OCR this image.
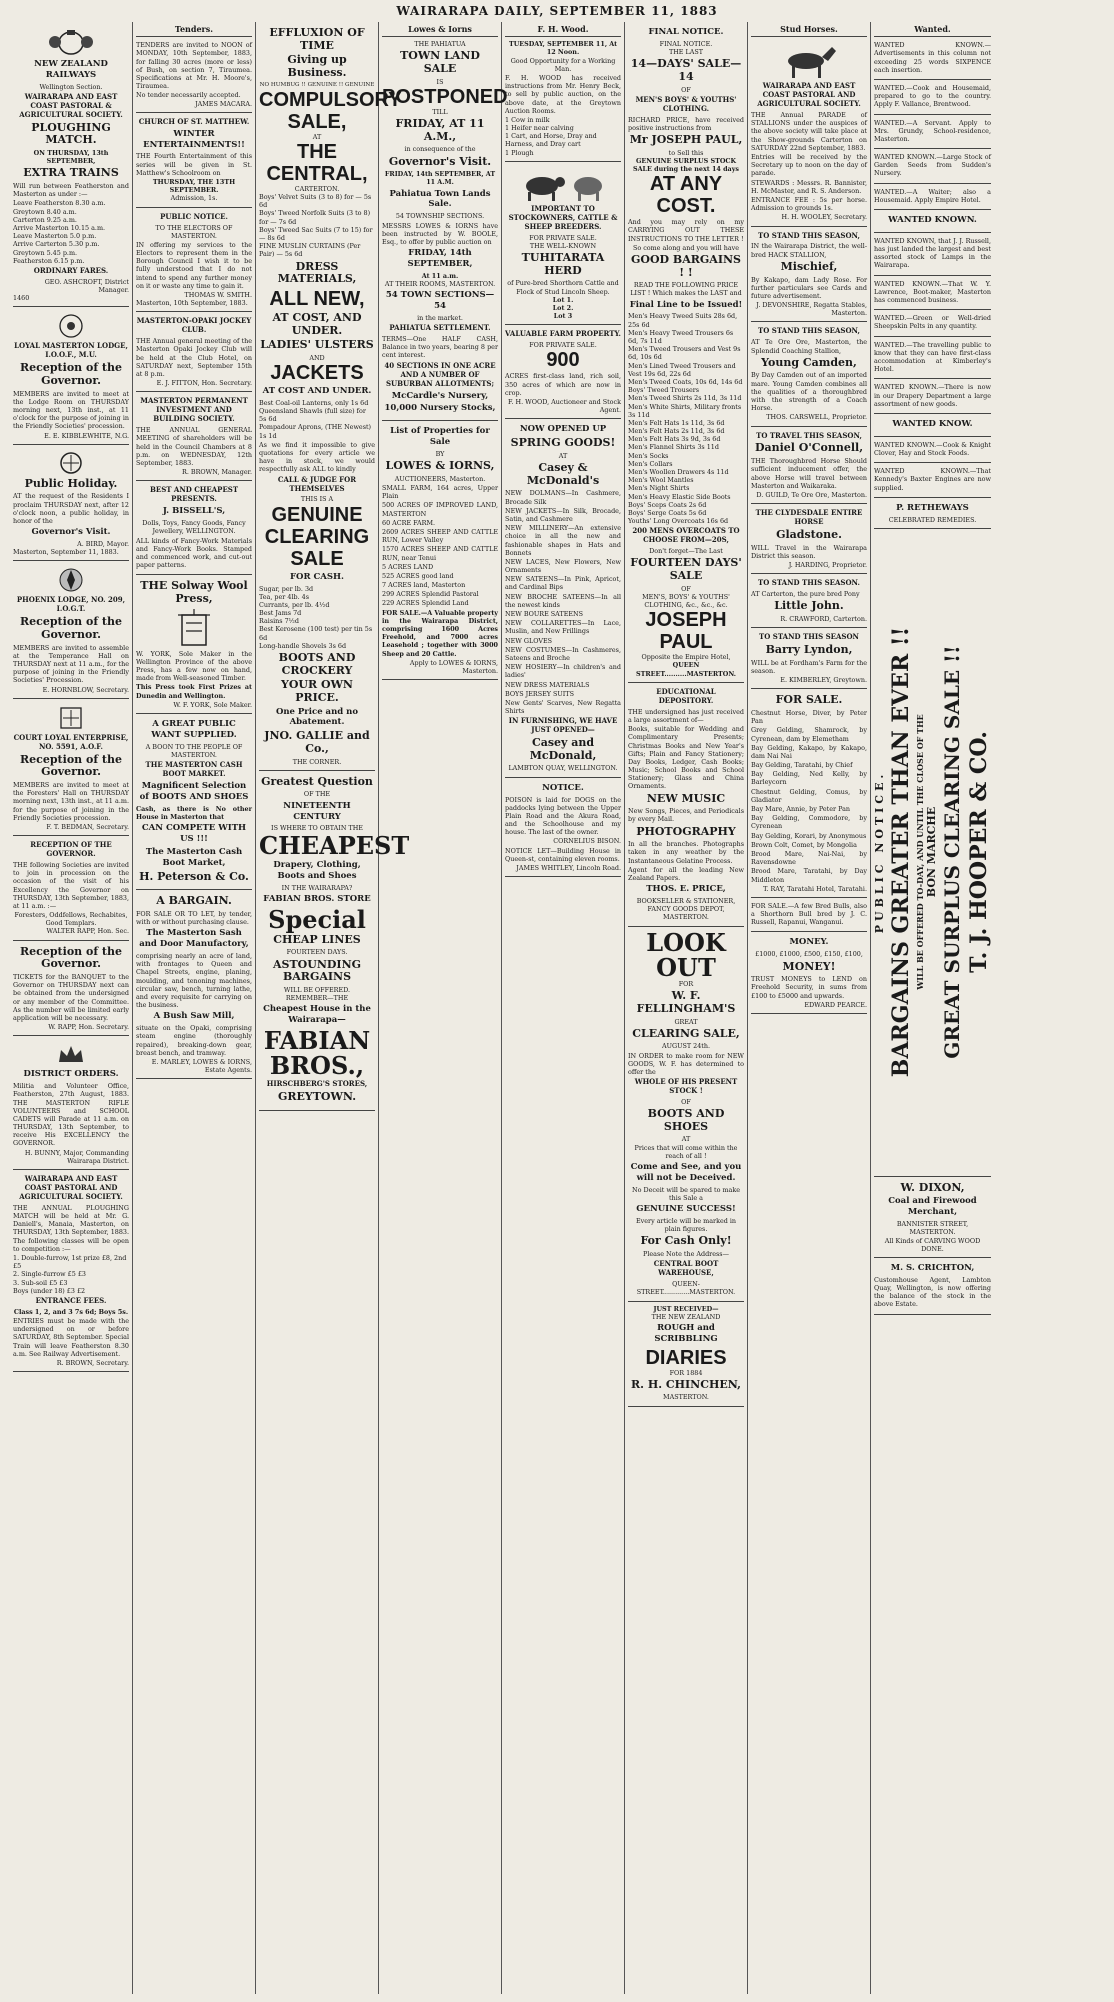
WAIRARAPA DAILY, SEPTEMBER 11, 1883
NEW ZEALAND RAILWAYS
Wellington Section.
WAIRARAPA AND EAST COAST PASTORAL & AGRICULTURAL SOCIETY.
PLOUGHING MATCH.
ON THURSDAY, 13th SEPTEMBER,
EXTRA TRAINS

Will run between Featherston and Masterton as under :—

Leave Featherston 8.30 a.m.
Greytown 8.40 a.m.
Carterton 9.25 a.m.
Arrive Masterton 10.15 a.m.
Leave Masterton 5.0 p.m.
Arrive Carterton 5.30 p.m.
Greytown 5.45 p.m.
Featherston 6.15 p.m.
ORDINARY FARES.
GEO. ASHCROFT, District Manager.
1460
LOYAL MASTERTON LODGE, I.O.O.F., M.U.
Reception of the Governor.

MEMBERS are invited to meet at the Lodge Room on THURSDAY morning next, 13th inst., at 11 o'clock for the purpose of joining in the Friendly Societies' procession.

E. E. KIBBLEWHITE, N.G.
Public Holiday.

AT the request of the Residents I proclaim THURSDAY next, after 12 o'clock noon, a public holiday, in honor of the

Governor's Visit.
A. BIRD, Mayor.
Masterton, September 11, 1883.
PHOENIX LODGE, NO. 209, I.O.G.T.
Reception of the Governor.

MEMBERS are invited to assemble at the Temperance Hall on THURSDAY next at 11 a.m., for the purpose of joining in the Friendly Societies' Procession.

E. HORNBLOW, Secretary.
COURT LOYAL ENTERPRISE, NO. 5591, A.O.F.
Reception of the Governor.

MEMBERS are invited to meet at the Foresters' Hall on THURSDAY morning next, 13th inst., at 11 a.m. for the purpose of joining in the Friendly Societies procession.

F. T. BEDMAN, Secretary.
RECEPTION OF THE GOVERNOR.

THE following Societies are invited to join in procession on the occasion of the visit of his Excellency the Governor on THURSDAY, 13th September, 1883, at 11 a.m. :—

Foresters, Oddfellows, Rechabites, Good Templars.
WALTER RAPP, Hon. Sec.
Reception of the Governor.

TICKETS for the BANQUET to the Governor on THURSDAY next can be obtained from the undersigned or any member of the Committee. As the number will be limited early application will be necessary.

W. RAPP, Hon. Secretary.
DISTRICT ORDERS.

Militia and Volunteer Office, Featherston, 27th August, 1883. THE MASTERTON RIFLE VOLUNTEERS and SCHOOL CADETS will Parade at 11 a.m. on THURSDAY, 13th September, to receive His EXCELLENCY the GOVERNOR.

H. BUNNY, Major, Commanding Wairarapa District.
WAIRARAPA AND EAST COAST PASTORAL AND AGRICULTURAL SOCIETY.

THE ANNUAL PLOUGHING MATCH will be held at Mr. G. Daniell's, Manaia, Masterton, on THURSDAY, 13th September, 1883. The following classes will be open to competition :—

1. Double-furrow, 1st prize £8, 2nd £5
2. Single-furrow £5 £3
3. Sub-soil £5 £3
Boys (under 18) £3 £2
ENTRANCE FEES.
Class 1, 2, and 3 7s 6d; Boys 5s.

ENTRIES must be made with the undersigned on or before SATURDAY, 8th September. Special Train will leave Featherston 8.30 a.m. See Railway Advertisement.

R. BROWN, Secretary.
Tenders.

TENDERS are invited to NOON of MONDAY, 10th September, 1883, for falling 30 acres (more or less) of Bush, on section 7, Tiraumea. Specifications at Mr. H. Moore's, Tiraumea.

No tender necessarily accepted.
JAMES MACARA.
CHURCH OF ST. MATTHEW.
WINTER ENTERTAINMENTS!!

THE Fourth Entertainment of this series will be given in St. Matthew's Schoolroom on

THURSDAY, THE 13TH SEPTEMBER.
Admission, 1s.
PUBLIC NOTICE.
TO THE ELECTORS OF MASTERTON.

IN offering my services to the Electors to represent them in the Borough Council I wish it to be fully understood that I do not intend to spend any further money on it or waste any time to gain it.

THOMAS W. SMITH.
Masterton, 10th September, 1883.
MASTERTON-OPAKI JOCKEY CLUB.

THE Annual general meeting of the Masterton Opaki Jockey Club will be held at the Club Hotel, on SATURDAY next, September 15th at 8 p.m.

E. J. FITTON, Hon. Secretary.
MASTERTON PERMANENT INVESTMENT AND BUILDING SOCIETY.

THE ANNUAL GENERAL MEETING of shareholders will be held in the Council Chambers at 8 p.m. on WEDNESDAY, 12th September, 1883.

R. BROWN, Manager.
BEST AND CHEAPEST PRESENTS.
J. BISSELL'S,
Dolls, Toys, Fancy Goods, Fancy Jewellery, WELLINGTON.

ALL kinds of Fancy-Work Materials and Fancy-Work Books. Stamped and commenced work, and cut-out paper patterns.

THE Solway Wool Press,

W. YORK, Sole Maker in the Wellington Province of the above Press, has a few now on hand, made from Well-seasoned Timber.

This Press took First Prizes at Dunedin and Wellington.

W. F. YORK, Sole Maker.
A GREAT PUBLIC WANT SUPPLIED.
A BOON TO THE PEOPLE OF MASTERTON.
THE MASTERTON CASH BOOT MARKET.
Magnificent Selection of BOOTS AND SHOES

Cash, as there is No other House in Masterton that

CAN COMPETE WITH US !!!
The Masterton Cash Boot Market,
H. Peterson & Co.
A BARGAIN.

FOR SALE OR TO LET, by tender, with or without purchasing clause.

The Masterton Sash and Door Manufactory,

comprising nearly an acre of land, with frontages to Queen and Chapel Streets, engine, planing, moulding, and tenoning machines, circular saw, bench, turning lathe, and every requisite for carrying on the business.

A Bush Saw Mill,

situate on the Opaki, comprising steam engine (thoroughly repaired), breaking-down gear, breast bench, and tramway.

E. MARLEY, LOWES & IORNS, Estate Agents.
EFFLUXION OF TIME
Giving up Business.
NO HUMBUG !! GENUINE !! GENUINE
COMPULSORY
SALE,
AT
THE CENTRAL,
CARTERTON.
Boys' Velvet Suits (3 to 8) for — 5s 6d
Boys' Tweed Norfolk Suits (3 to 8) for — 7s 6d
Boys' Tweed Sac Suits (7 to 15) for — 8s 6d
FINE MUSLIN CURTAINS (Per Pair) — 5s 6d
DRESS MATERIALS,
ALL NEW,
AT COST, AND UNDER.
LADIES' ULSTERS
AND
JACKETS
AT COST AND UNDER.
Best Coal-oil Lanterns, only 1s 6d
Queensland Shawls (full size) for 5s 6d
Pompadour Aprons, (THE Newest) 1s 1d

As we find it impossible to give quotations for every article we have in stock, we would respectfully ask ALL to kindly

CALL & JUDGE FOR THEMSELVES
THIS IS A
GENUINE
CLEARING SALE
FOR CASH.
Sugar, per lb. 3d
Tea, per 4lb. 4s
Currants, per lb. 4½d
Best Jams 7d
Raisins 7½d
Best Kerosene (100 test) per tin 5s 6d
Long-handle Shovels 3s 6d
BOOTS AND CROCKERY
YOUR OWN PRICE.
One Price and no Abatement.
JNO. GALLIE and Co.,
THE CORNER.
Greatest Question
OF THE
NINETEENTH CENTURY
IS WHERE TO OBTAIN THE
CHEAPEST
Drapery, Clothing, Boots and Shoes
IN THE WAIRARAPA?
FABIAN BROS. STORE
Special
CHEAP LINES
FOURTEEN DAYS.
ASTOUNDING BARGAINS
WILL BE OFFERED.
REMEMBER—THE
Cheapest House in the Wairarapa—
FABIAN BROS.,
HIRSCHBERG'S STORES,
GREYTOWN.
Lowes & Iorns
THE PAHIATUA
TOWN LAND SALE
IS
POSTPONED
TILL
FRIDAY, AT 11 A.M.,
in consequence of the
Governor's Visit.
FRIDAY, 14th SEPTEMBER, AT 11 A.M.
Pahiatua Town Lands Sale.
54 TOWNSHIP SECTIONS.

MESSRS LOWES & IORNS have been instructed by W. BOOLE, Esq., to offer by public auction on

FRIDAY, 14th SEPTEMBER,
At 11 a.m.
AT THEIR ROOMS, MASTERTON.
54 TOWN SECTIONS—54
in the market.
PAHIATUA SETTLEMENT.

TERMS—One HALF CASH, Balance in two years, bearing 8 per cent interest.

40 SECTIONS IN ONE ACRE AND A NUMBER OF SUBURBAN ALLOTMENTS;
McCardle's Nursery,
10,000 Nursery Stocks,
List of Properties for Sale
BY
LOWES & IORNS,
AUCTIONEERS, Masterton.

SMALL FARM, 164 acres, Upper Plain

500 ACRES OF IMPROVED LAND, MASTERTON

60 ACRE FARM.

2609 ACRES SHEEP AND CATTLE RUN, Lower Valley

1570 ACRES SHEEP AND CATTLE RUN, near Tenui

5 ACRES LAND

525 ACRES good land

7 ACRES land, Masterton

299 ACRES Splendid Pastoral

229 ACRES Splendid Land

FOR SALE.—A Valuable property in the Wairarapa District, comprising 1600 Acres Freehold, and 7000 acres Leasehold ; together with 3000 Sheep and 20 Cattle.

Apply to LOWES & IORNS, Masterton.
F. H. Wood.
TUESDAY, SEPTEMBER 11, At 12 Noon.
Good Opportunity for a Working Man.

F. H. WOOD has received instructions from Mr. Henry Beck, to sell by public auction, on the above date, at the Greytown Auction Rooms.

1 Cow in milk
1 Heifer near calving
1 Cart, and Horse, Dray and Harness, and Dray cart
1 Plough
IMPORTANT TO STOCKOWNERS, CATTLE & SHEEP BREEDERS.
FOR PRIVATE SALE.
THE WELL-KNOWN
TUHITARATA HERD
of Pure-bred Shorthorn Cattle and Flock of Stud Lincoln Sheep.
Lot 1.
Lot 2.
Lot 3
VALUABLE FARM PROPERTY.
FOR PRIVATE SALE.
900

ACRES first-class land, rich soil, 350 acres of which are now in crop.

F. H. WOOD, Auctioneer and Stock Agent.
NOW OPENED UP
SPRING GOODS!
AT
Casey & McDonald's

NEW DOLMANS—In Cashmere, Brocade Silk

NEW JACKETS—In Silk, Brocade, Satin, and Cashmere

NEW MILLINERY—An extensive choice in all the new and fashionable shapes in Hats and Bonnets

NEW LACES, New Flowers, New Ornaments

NEW SATEENS—In Pink, Apricot, and Cardinal Bips

NEW BROCHE SATEENS—In all the newest kinds

NEW BOURE SATEENS

NEW COLLARETTES—In Lace, Muslin, and New Frillings

NEW GLOVES

NEW COSTUMES—In Cashmeres, Sateens and Broche

NEW HOSIERY—In children's and ladies'

NEW DRESS MATERIALS

BOYS JERSEY SUITS

New Gents' Scarves, New Regatta Shirts

IN FURNISHING, WE HAVE JUST OPENED—
Casey and McDonald,
LAMBTON QUAY, WELLINGTON.
NOTICE.

POISON is laid for DOGS on the paddocks lying between the Upper Plain Road and the Akura Road, and the Schoolhouse and my house. The last of the owner.

CORNELIUS BISON.

NOTICE LET—Building House in Queen-st, containing eleven rooms.

JAMES WHITLEY, Lincoln Road.
FINAL NOTICE.
FINAL NOTICE.
THE LAST
14—DAYS' SALE—14
OF
MEN'S BOYS' & YOUTHS' CLOTHING.

RICHARD PRICE, have received positive instructions from

Mr JOSEPH PAUL,
to Sell this
GENUINE SURPLUS STOCK SALE during the next 14 days
AT ANY COST.

And you may rely on my CARRYING OUT THESE INSTRUCTIONS TO THE LETTER !

So come along and you will have
GOOD BARGAINS ! !
READ THE FOLLOWING PRICE LIST ! Which makes the LAST and
Final Line to be Issued!
Men's Heavy Tweed Suits 28s 6d, 25s 6d
Men's Heavy Tweed Trousers 6s 6d, 7s 11d
Men's Tweed Trousers and Vest 9s 6d, 10s 6d
Men's Lined Tweed Trousers and Vest 19s 6d, 22s 6d
Men's Tweed Coats, 10s 6d, 14s 6d
Boys' Tweed Trousers
Men's Tweed Shirts 2s 11d, 3s 11d
Men's White Shirts, Military fronts 3s 11d
Men's Felt Hats 1s 11d, 3s 6d
Men's Felt Hats 2s 11d, 3s 6d
Men's Felt Hats 3s 9d, 3s 6d
Men's Flannel Shirts 3s 11d
Men's Socks
Men's Collars
Men's Woollen Drawers 4s 11d
Men's Wool Mantles
Men's Night Shirts
Men's Heavy Elastic Side Boots
Boys' Sceps Coats 2s 6d
Boys' Serge Coats 5s 6d
Youths' Long Overcoats 16s 6d
200 MENS OVERCOATS TO CHOOSE FROM—20S,
Don't forget—The Last
FOURTEEN DAYS' SALE
OF
MEN'S, BOYS' & YOUTHS' CLOTHING, &c., &c., &c.
JOSEPH PAUL
Opposite the Empire Hotel,
QUEEN STREET..........MASTERTON.
EDUCATIONAL DEPOSITORY.

THE undersigned has just received a large assortment of—

Books, suitable for Wedding and Complimentary Presents; Christmas Books and New Year's Gifts; Plain and Fancy Stationery; Day Books, Ledger, Cash Books; Music; School Books and School Stationery; Glass and China Ornaments.

NEW MUSIC

New Songs, Pieces, and Periodicals by every Mail.

PHOTOGRAPHY

In all the branches. Photographs taken in any weather by the Instantaneous Gelatine Process.

Agent for all the leading New Zealand Papers.

THOS. E. PRICE,
BOOKSELLER & STATIONER, FANCY GOODS DEPOT, MASTERTON.
LOOK OUT
FOR
W. F. FELLINGHAM'S
GREAT
CLEARING SALE,
AUGUST 24th.

IN ORDER to make room for NEW GOODS, W. F. has determined to offer the

WHOLE OF HIS PRESENT STOCK !
OF
BOOTS AND SHOES
AT
Prices that will come within the reach of all !
Come and See, and you will not be Deceived.
No Deceit will be spared to make this Sale a
GENUINE SUCCESS!
Every article will be marked in plain figures.
For Cash Only!
Please Note the Address—
CENTRAL BOOT WAREHOUSE,
QUEEN-STREET.............MASTERTON.
JUST RECEIVED—
THE NEW ZEALAND
ROUGH and SCRIBBLING
DIARIES
FOR 1884
R. H. CHINCHEN,
MASTERTON.
Stud Horses.
WAIRARAPA AND EAST COAST PASTORAL AND AGRICULTURAL SOCIETY.

THE Annual PARADE of STALLIONS under the auspices of the above society will take place at the Show-grounds Carterton on SATURDAY 22nd September, 1883.

Entries will be received by the Secretary up to noon on the day of parade.

STEWARDS : Messrs. R. Bannister, H. McMaster, and R. S. Anderson.

ENTRANCE FEE : 5s per horse. Admission to grounds 1s.

H. H. WOOLEY, Secretary.
TO STAND THIS SEASON,

IN the Wairarapa District, the well-bred HACK STALLION,

Mischief,

By Kakapo, dam Lady Rose. For further particulars see Cards and future advertisement.

J. DEVONSHIRE, Regatta Stables, Masterton.
TO STAND THIS SEASON,

AT Te Ore Ore, Masterton, the Splendid Coaching Stallion,

Young Camden,

By Day Camden out of an imported mare. Young Camden combines all the qualities of a thoroughbred with the strength of a Coach Horse.

THOS. CARSWELL, Proprietor.
TO TRAVEL THIS SEASON,
Daniel O'Connell,

THE Thoroughbred Horse Should sufficient inducement offer, the above Horse will travel between Masterton and Waikaraka.

D. GUILD, Te Ore Ore, Masterton.
THE CLYDESDALE ENTIRE HORSE
Gladstone.

WILL Travel in the Wairarapa District this season.

J. HARDING, Proprietor.
TO STAND THIS SEASON.

AT Carterton, the pure bred Pony

Little John.
R. CRAWFORD, Carterton.
TO STAND THIS SEASON
Barry Lyndon,

WILL be at Fordham's Farm for the season.

E. KIMBERLEY, Greytown.
FOR SALE.

Chestnut Horse, Diver, by Peter Pan

Grey Gelding, Shamrock, by Cyrenean, dam by Elemetham

Bay Gelding, Kakapo, by Kakapo, dam Nai Nai

Bay Gelding, Taratahi, by Chief

Bay Gelding, Ned Kelly, by Barleycorn

Chestnut Gelding, Comus, by Gladiator

Bay Mare, Annie, by Peter Pan

Bay Gelding, Commodore, by Cyrenean

Bay Gelding, Korari, by Anonymous

Brown Colt, Comet, by Mongolia

Brood Mare, Nai-Nai, by Ravensdowne

Brood Mare, Taratahi, by Day Middleton

T. RAY, Taratahi Hotel, Taratahi.

FOR SALE.—A few Bred Bulls, also a Shorthorn Bull bred by J. C. Russell, Rapanui, Wanganui.

MONEY.
£1000, £1000, £500, £150, £100,
MONEY!

TRUST MONEYS to LEND on Freehold Security, in sums from £100 to £5000 and upwards.

EDWARD PEARCE.
Wanted.

WANTED KNOWN.—Advertisements in this column not exceeding 25 words SIXPENCE each insertion.

WANTED.—Cook and Housemaid, prepared to go to the country. Apply F. Vallance, Brentwood.

WANTED.—A Servant. Apply to Mrs. Grundy, School-residence, Masterton.

WANTED KNOWN.—Large Stock of Garden Seeds from Sudden's Nursery.

WANTED.—A Waiter; also a Housemaid. Apply Empire Hotel.

WANTED KNOWN.

WANTED KNOWN, that J. J. Russell, has just landed the largest and best assorted stock of Lamps in the Wairarapa.

WANTED KNOWN.—That W. Y. Lawrence, Boot-maker, Masterton has commenced business.

WANTED.—Green or Well-dried Sheepskin Pelts in any quantity.

WANTED.—The travelling public to know that they can have first-class accommodation at Kimberley's Hotel.

WANTED KNOWN.—There is now in our Drapery Department a large assortment of new goods.

WANTED KNOW.

WANTED KNOWN.—Cook & Knight Clover, Hay and Stock Foods.

WANTED KNOWN.—That Kennedy's Baxter Engines are now supplied.

P. RETHEWAYS
CELEBRATED REMEDIES.
PUBLIC NOTICE. BARGAINS GREATER THAN EVER !! WILL BE OFFERED TO-DAY, AND UNTIL THE CLOSE OF THE BON MARCHE GREAT SURPLUS CLEARING SALE !! T. J. HOOPER & CO.
W. DIXON,
Coal and Firewood Merchant,
BANNISTER STREET, MASTERTON.
All Kinds of CARVING WOOD DONE.
M. S. CRICHTON,

Customhouse Agent, Lambton Quay, Wellington, is now offering the balance of the stock in the above Estate.
